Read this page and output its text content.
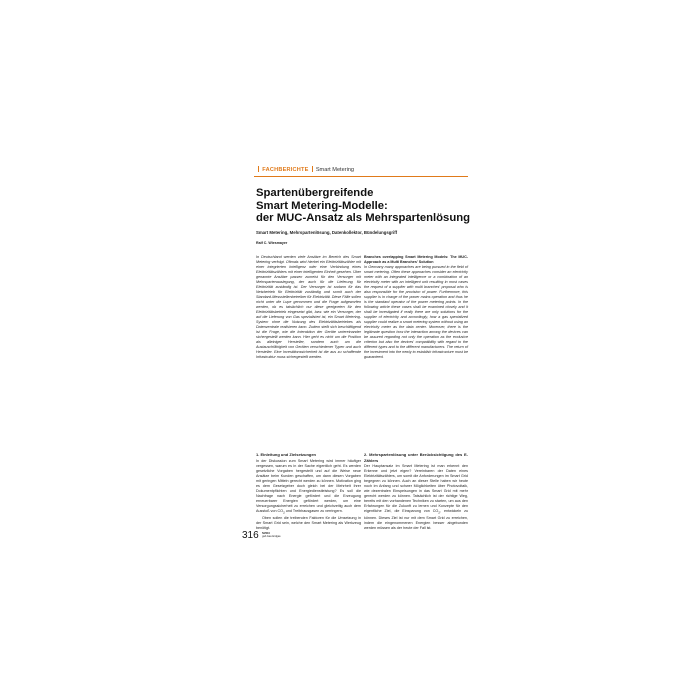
FACHBERICHTE Smart Metering
Spartenübergreifende
Smart Metering-Modelle:
der MUC-Ansatz als Mehrspartenlösung
Smart Metering, Mehrspartenlösung, Datenkollektor, Bündelungsgriff
Ralf C. Wiesmayer
In Deutschland werden viele Ansätze im Bereich des Smart Metering verfolgt. Oftmals wird hierbei ein Elektrizitätszähler mit einer integrierten Intelligenz oder eine Verbindung eines Elektrizitätszählers mit einer intelligenten Einheit gesehen. Über genannte Ansätze passen zumeist für den Versorger mit Mehrspartenauslegung, der auch für die Lieferung für Elektrizität zuständig ist. Der Versorger ist sodann für das Netzbetrieb für Elektrizität zuständig und somit auch der Standard-Messstellenbetreiber für Elektrizität. Diese Fälle sollen nicht unter die Lupe genommen und die Frage aufgeworfen werden, ob es tatsächlich nur diese geeigneten für den Elektrizitätsbetrieb eingesetzt gibt, bzw. wie ein Versorger, der auf die Lieferung von Gas spezialisiert ist, ein Smart Metering-System ohne die Nutzung des Elektrizitätsbetriebes als Datenzentrale realisieren kann. Zudem stellt sich beschäftigend ist die Frage, wie die Interaktion der Geräte untereinander sichergestellt werden kann. Hier geht es nicht um die Position als alleiniger Hersteller, sondern auch um die Austauschfähigkeit von Geräten verschiedener Typen und auch Hersteller. Eine Investitionssicherheit ist die aus zu schaffende Infrastruktur muss sichergestellt werden.
Branches overlapping Smart Metering Models: The MUC-Approach as a Multi Branches' Solution
In Germany many approaches are being pursued in the field of smart metering. Often these approaches consider an electricity meter with an integrated intelligence or a combination of an electricity meter with an intelligent unit resulting in most cases the request of a supplier with multi branches' proposal who is also responsible for the provision of power. Furthermore, this supplier is in charge of the power mains operation and thus he is the standard operator of the power metering points. In the following article these cases shall be examined closely and it shall be investigated if really there are only solutions for the supplier of electricity and accordingly, how a gas specialized supplier could realize a smart metering system without using an electricity meter as the data center. Moreover, there is the legitimate question how the interaction among the devices can be assured regarding not only the operation as the exclusive criterion but also the devices' compatibility with regard to the different types and to the different manufacturers. The return of the investment into the newly to establish infrastructure must be guaranteed.
1. Einleitung und Zielsetzungen
In der Diskussion zum Smart Metering wird immer häufiger vergessen, warum es in der Sache eigentlich geht. Es werden gesetzliche Vorgaben hergestellt und auf die Weise neue Ansätze beim Kunden geschaffen, um dann diesen Vorgaben mit geringen Mitteln gerecht werden zu können. Motivation ging es dem Gesetzgeber doch gleich bei der Mehrheit ihrer Dokumentpflichten und Energiedienstleistung? Es soll die Nachfrage nach Energie gefördert und die Erzeugung erneuerbarer Energien gefördert werden, um eine Versorgungssicherheit zu erreichen und gleichzeitig auch dem Ausstoß von $CO_2$ und Treibhausgasen zu verringern.
Oben sollen die treibenden Faktoren für die Umsetzung in der Smart Grid sein, welche den Smart Metering als Werkzeug benötigt.
2. Mehrspartenlösung unter Berücksichtigung des E-Zählers
Der Hauptansatz im Smart Metering ist man erkennt den Erkenne und jetzt eigen? Vereinbaren der Daten eines Elektrizitätszählers, um somit die Anforderungen im Smart Grid begegnen zu können. Auch an dieser Stelle haben wir heute noch im Anfang und schwer Möglichkeiten über Photovoltaik, wie dezentralen Einspeisungen in das Smart Grid mit mehr gerecht werden zu können. Tatsächlich ist der richtige Weg, bereits mit den vorhandenen Techniken zu starten, um aus den Erfahrungen für die Zukunft zu lernen und Konzepte für den eigentliche Ziel, die Einsparung von $CO_2$, entwickeln zu können. Dieses Ziel ist nur mit dem Smart Grid zu erreichen, indem die eingenommenen Energien besser abgebunden werden müssen als der heute der Fall ist.
316 5/2010
gwf-Gas Erdgas
